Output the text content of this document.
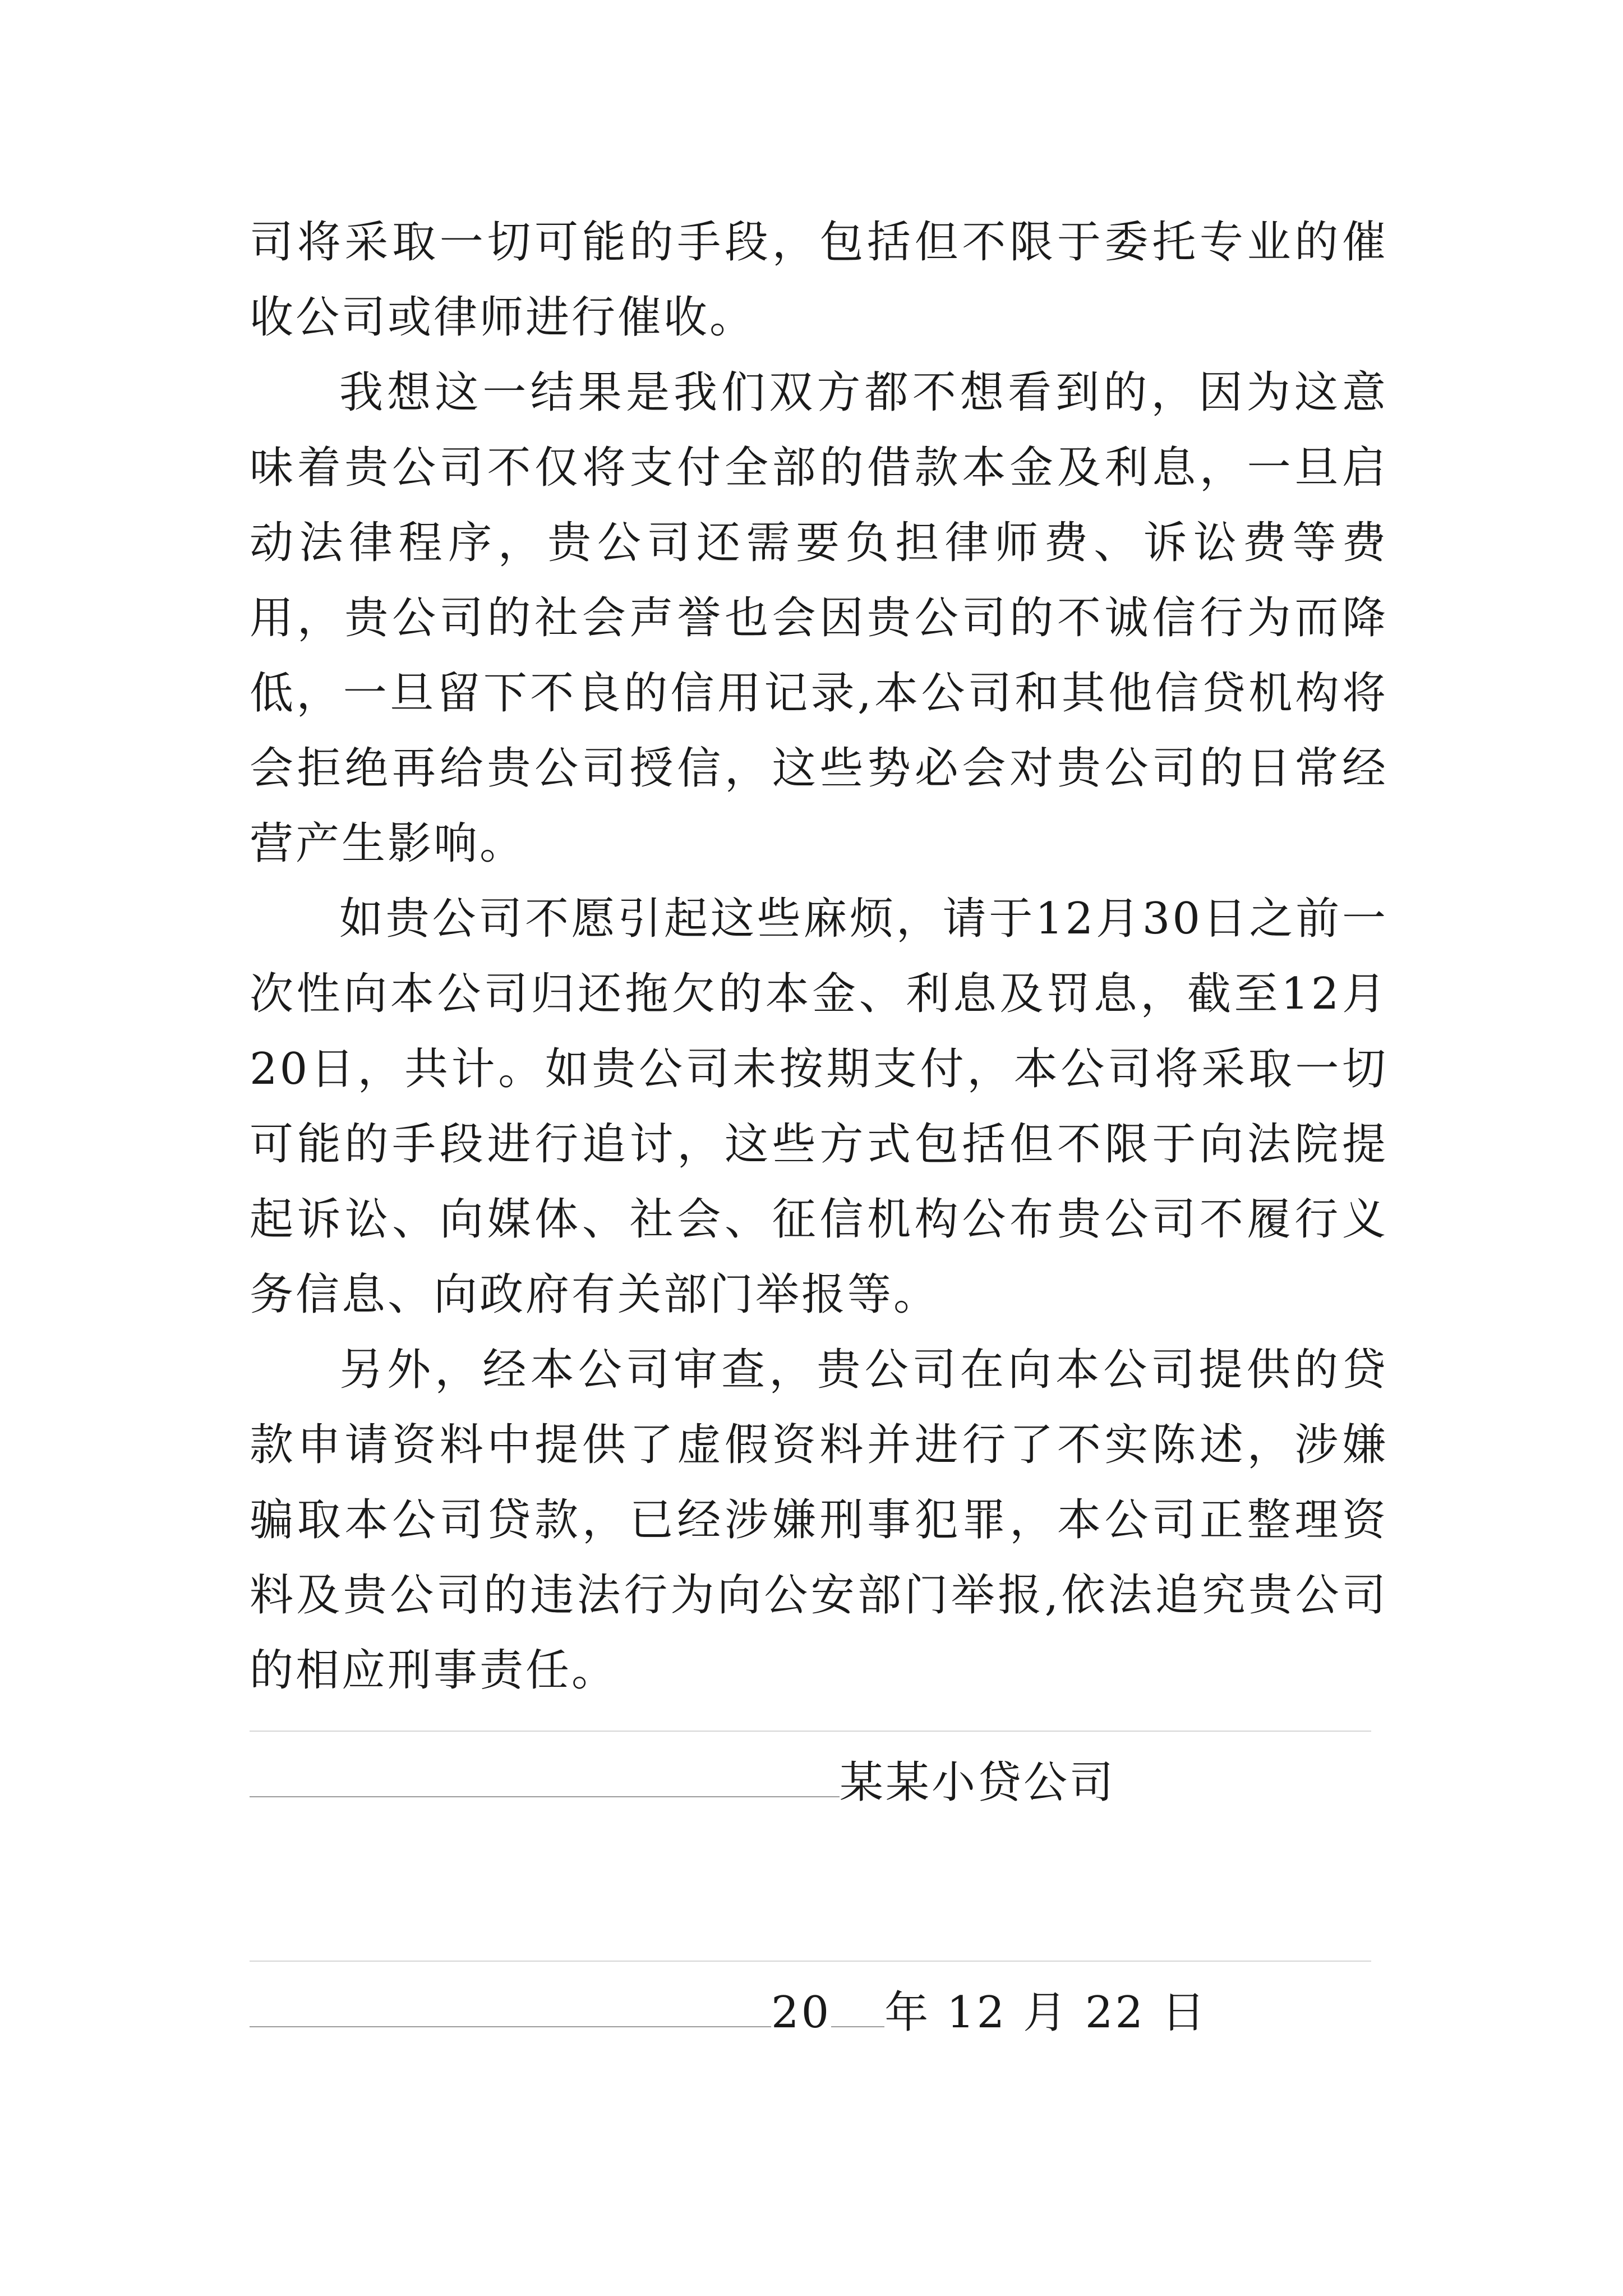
司将采取一切可能的手段，包括但不限于委托专业的催收公司或律师进行催收。

我想这一结果是我们双方都不想看到的，因为这意味着贵公司不仅将支付全部的借款本金及利息，一旦启动法律程序，贵公司还需要负担律师费、诉讼费等费用，贵公司的社会声誉也会因贵公司的不诚信行为而降低，一旦留下不良的信用记录,本公司和其他信贷机构将会拒绝再给贵公司授信，这些势必会对贵公司的日常经营产生影响。

如贵公司不愿引起这些麻烦，请于12月30日之前一次性向本公司归还拖欠的本金、利息及罚息，截至12月20日，共计。如贵公司未按期支付，本公司将采取一切可能的手段进行追讨，这些方式包括但不限于向法院提起诉讼、向媒体、社会、征信机构公布贵公司不履行义务信息、向政府有关部门举报等。

另外，经本公司审查，贵公司在向本公司提供的贷款申请资料中提供了虚假资料并进行了不实陈述，涉嫌骗取本公司贷款，已经涉嫌刑事犯罪，本公司正整理资料及贵公司的违法行为向公安部门举报,依法追究贵公司的相应刑事责任。

某某小贷公司
20 年 12 月 22 日
